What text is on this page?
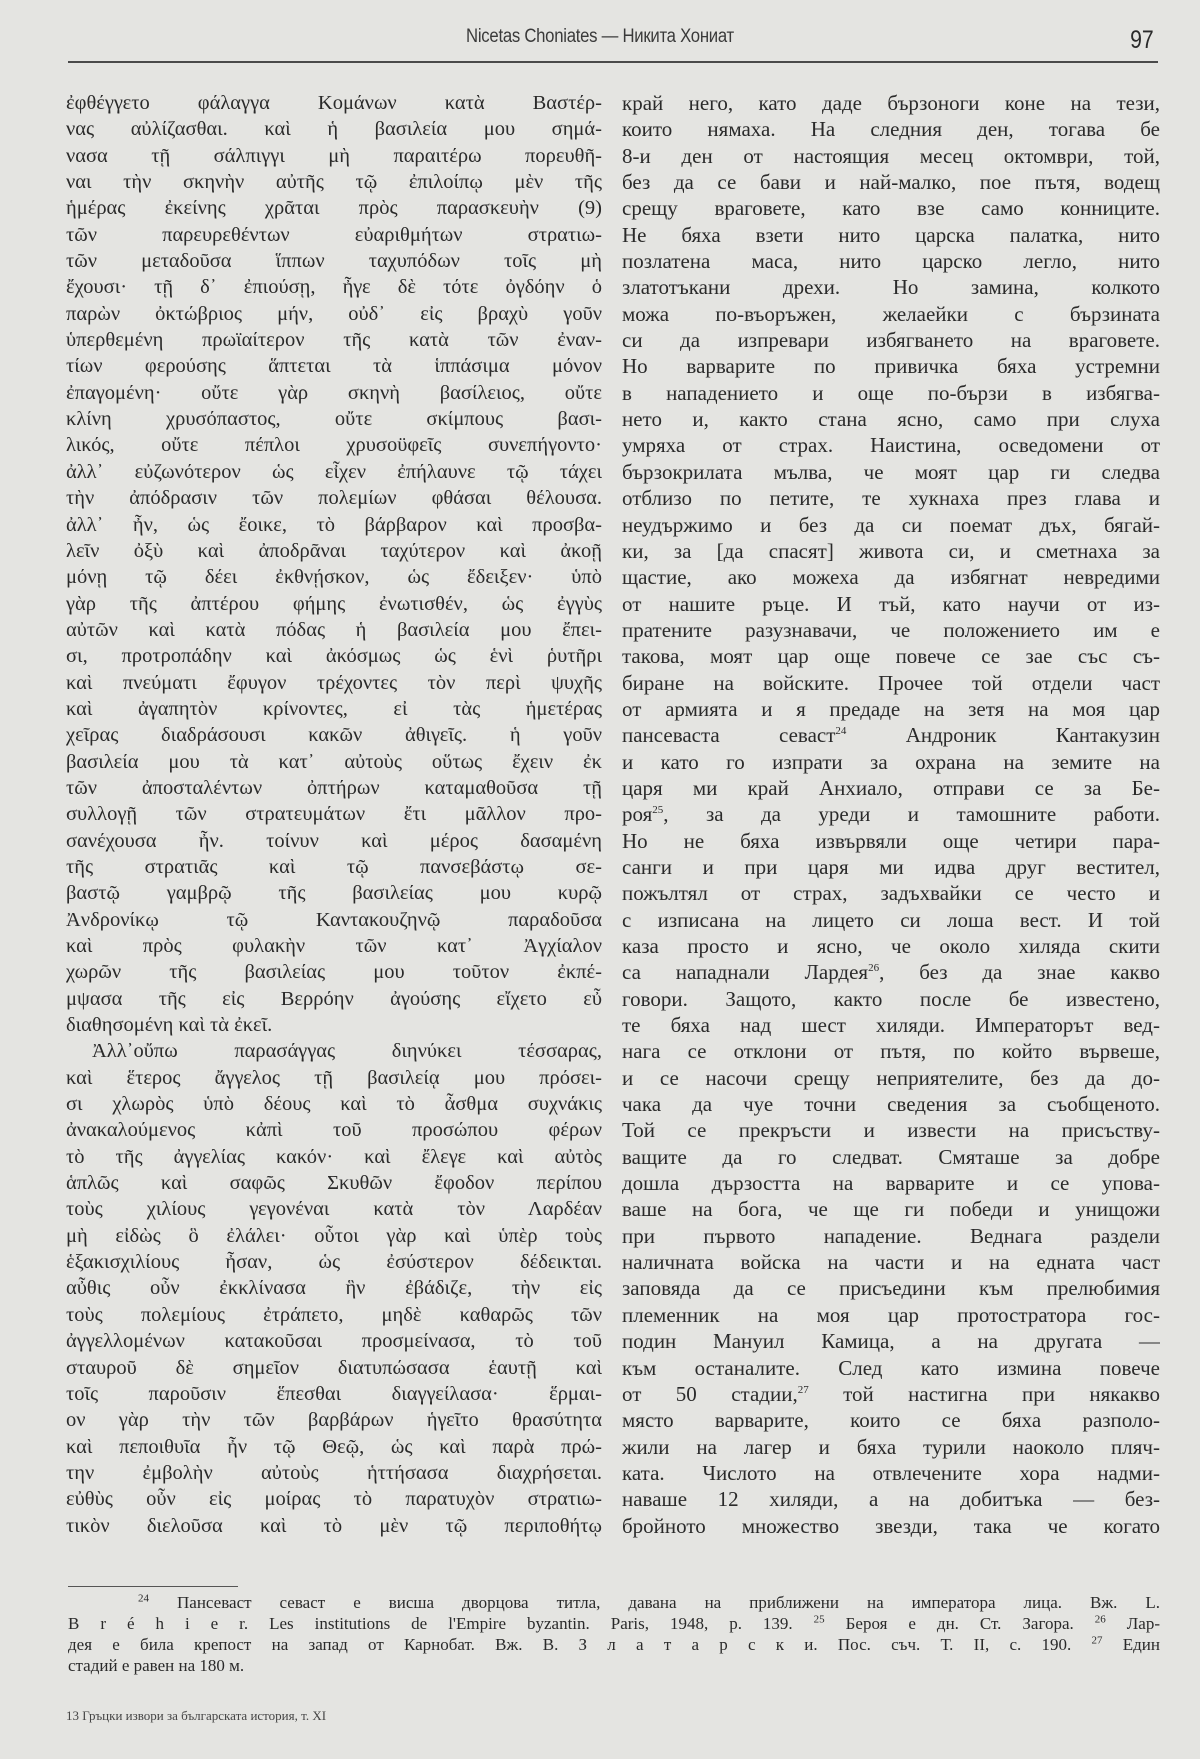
Nicetas Choniates — Никита Хониат	97
ἐφθέγγετο φάλαγγα Κομάνων κατὰ Βαστέρ-
νας αὐλίζασθαι. καὶ ἡ βασιλεία μου σημά-
νασα τῇ σάλπιγγι μὴ παραιτέρω πορευθῆ-
ναι τὴν σκηνὴν αὐτῆς τῷ ἐπιλοίπῳ μὲν τῆς
ἡμέρας ἐκείνης χρᾶται πρὸς παρασκευὴν (9)
τῶν παρευρεθέντων εὐαριθμήτων στρατιω-
τῶν μεταδοῦσα ἵππων ταχυπόδων τοῖς μὴ
ἔχουσι· τῇ δ᾽ ἐπιούσῃ, ἦγε δὲ τότε ὀγδόην ὁ
παρὼν ὀκτώβριος μήν, οὐδ᾽ εἰς βραχὺ γοῦν
ὑπερθεμένη πρωϊαίτερον τῆς κατὰ τῶν ἐναν-
τίων φερούσης ἅπτεται τὰ ἱππάσιμα μόνον
ἐπαγομένη· οὔτε γὰρ σκηνὴ βασίλειος, οὔτε
κλίνη χρυσόπαστος, οὔτε σκίμπους βασι-
λικός, οὔτε πέπλοι χρυσοϋφεῖς συνεπήγοντο·
ἀλλ᾽ εὐζωνότερον ὡς εἶχεν ἐπήλαυνε τῷ τάχει
τὴν ἀπόδρασιν τῶν πολεμίων φθάσαι θέλουσα.
ἀλλ᾽ ἦν, ὡς ἔοικε, τὸ βάρβαρον καὶ προσβα-
λεῖν ὀξὺ καὶ ἀποδρᾶναι ταχύτερον καὶ ἀκοῇ
μόνῃ τῷ δέει ἐκθνῄσκον, ὡς ἔδειξεν· ὑπὸ
γὰρ τῆς ἀπτέρου φήμης ἐνωτισθέν, ὡς ἐγγὺς
αὐτῶν καὶ κατὰ πόδας ἡ βασιλεία μου ἔπει-
σι, προτροπάδην καὶ ἀκόσμως ὡς ἑνὶ ῥυτῆρι
καὶ πνεύματι ἔφυγον τρέχοντες τὸν περὶ ψυχῆς
καὶ ἀγαπητὸν κρίνοντες, εἰ τὰς ἡμετέρας
χεῖρας διαδράσουσι κακῶν ἀθιγεῖς. ἡ γοῦν
βασιλεία μου τὰ κατ᾽ αὐτοὺς οὕτως ἔχειν ἐκ
τῶν ἀποσταλέντων ὀπτήρων καταμαθοῦσα τῇ
συλλογῇ τῶν στρατευμάτων ἔτι μᾶλλον προ-
σανέχουσα ἦν. τοίνυν καὶ μέρος δασαμένη
τῆς στρατιᾶς καὶ τῷ πανσεβάστῳ σε-
βαστῷ γαμβρῷ τῆς βασιλείας μου κυρῷ
Ἀνδρονίκῳ τῷ Καντακουζηνῷ παραδοῦσα
καὶ πρὸς φυλακὴν τῶν κατ᾽ Ἀγχίαλον
χωρῶν τῆς βασιλείας μου τοῦτον ἐκπέ-
μψασα τῆς εἰς Βερρόην ἀγούσης εἴχετο εὖ
διαθησομένη καὶ τὰ ἐκεῖ.
Ἀλλ᾽οὔπω παρασάγγας διηνύκει τέσσαρας,
καὶ ἕτερος ἄγγελος τῇ βασιλείᾳ μου πρόσει-
σι χλωρὸς ὑπὸ δέους καὶ τὸ ἆσθμα συχνάκις
ἀνακαλούμενος κἀπὶ τοῦ προσώπου φέρων
τὸ τῆς ἀγγελίας κακόν· καὶ ἔλεγε καὶ αὐτὸς
ἁπλῶς καὶ σαφῶς Σκυθῶν ἔφοδον περίπου
τοὺς χιλίους γεγονέναι κατὰ τὸν Λαρδέαν
μὴ εἰδὼς ὃ ἐλάλει· οὗτοι γὰρ καὶ ὑπὲρ τοὺς
ἑξακισχιλίους ἦσαν, ὡς ἐσύστερον δέδεικται.
αὖθις οὖν ἐκκλίνασα ἣν ἐβάδιζε, τὴν εἰς
τοὺς πολεμίους ἐτράπετο, μηδὲ καθαρῶς τῶν
ἀγγελλομένων κατακοῦσαι προσμείνασα, τὸ τοῦ
σταυροῦ δὲ σημεῖον διατυπώσασα ἑαυτῇ καὶ
τοῖς παροῦσιν ἕπεσθαι διαγγείλασα· ἕρμαι-
ον γὰρ τὴν τῶν βαρβάρων ἡγεῖτο θρασύτητα
καὶ πεποιθυῖα ἦν τῷ Θεῷ, ὡς καὶ παρὰ πρώ-
την ἐμβολὴν αὐτοὺς ἡττήσασα διαχρήσεται.
εὐθὺς οὖν εἰς μοίρας τὸ παρατυχὸν στρατιω-
τικὸν διελοῦσα καὶ τὸ μὲν τῷ περιποθήτῳ
край него, като даде бързоноги коне на тези,
които нямаха. На следния ден, тогава бе
8-и ден от настоящия месец октомври, той,
без да се бави и най-малко, пое пътя, водещ
срещу враговете, като взе само конниците.
Не бяха взети нито царска палатка, нито
позлатена маса, нито царско легло, нито
златотъкани дрехи. Но замина, колкото
можа по-въоръжен, желаейки с бързината
си да изпревари избягването на враговете.
Но варварите по привичка бяха устремни
в нападението и още по-бързи в избягва-
нето и, както стана ясно, само при слуха
умряха от страх. Наистина, осведомени от
бързокрилата мълва, че моят цар ги следва
отблизо по петите, те хукнаха през глава и
неудържимо и без да си поемат дъх, бягай-
ки, за [да спасят] живота си, и сметнаха за
щастие, ако можеха да избягнат невредими
от нашите ръце. И тъй, като научи от из-
пратените разузнавачи, че положението им е
такова, моят цар още повече се зае със съ-
биране на войските. Прочее той отдели част
от армията и я предаде на зетя на моя цар
пансеваста севаст$^{24}$ Андроник Кантакузин
и като го изпрати за охрана на земите на
царя ми край Анхиало, отправи се за Бе-
роя$^{25}$, за да уреди и тамошните работи.
Но не бяха извървяли още четири пара-
санги и при царя ми идва друг вестител,
пожълтял от страх, задъхвайки се често и
с изписана на лицето си лоша вест. И той
каза просто и ясно, че около хиляда скити
са нападнали Лардея$^{26}$, без да знае какво
говори. Защото, както после бе известено,
те бяха над шест хиляди. Императорът вед-
нага се отклони от пътя, по който вървеше,
и се насочи срещу неприятелите, без да до-
чака да чуе точни сведения за съобщеното.
Той се прекръсти и извести на присъству-
ващите да го следват. Смяташе за добре
дошла дързостта на варварите и се упова-
ваше на бога, че ще ги победи и унищожи
при първото нападение. Веднага раздели
наличната войска на части и на едната част
заповяда да се присъедини към прелюбимия
племенник на моя цар протостратора гос-
подин Мануил Камица, а на другата —
към останалите. След като измина повече
от 50 стадии,$^{27}$ той настигна при някакво
място варварите, които се бяха разполо-
жили на лагер и бяха турили наоколо пляч-
ката. Числото на отвлечените хора надми-
наваше 12 хиляди, а на добитъка — без-
бройното множество звезди, така че когато
$^{24}$ Пансеваст севаст е висша дворцова титла, давана на приближени на императора лица. Вж. L.
B r é h i e r. Les institutions de l'Empire byzantin. Paris, 1948, p. 139. $^{25}$ Бероя е дн. Ст. Загора. $^{26}$ Лар-
дея е била крепост на запад от Карнобат. Вж. В. З л а т а р с к и. Пос. съч. Т. II, с. 190. $^{27}$ Един
стадий е равен на 180 м.
13 Гръцки извори за българската история, т. XI
